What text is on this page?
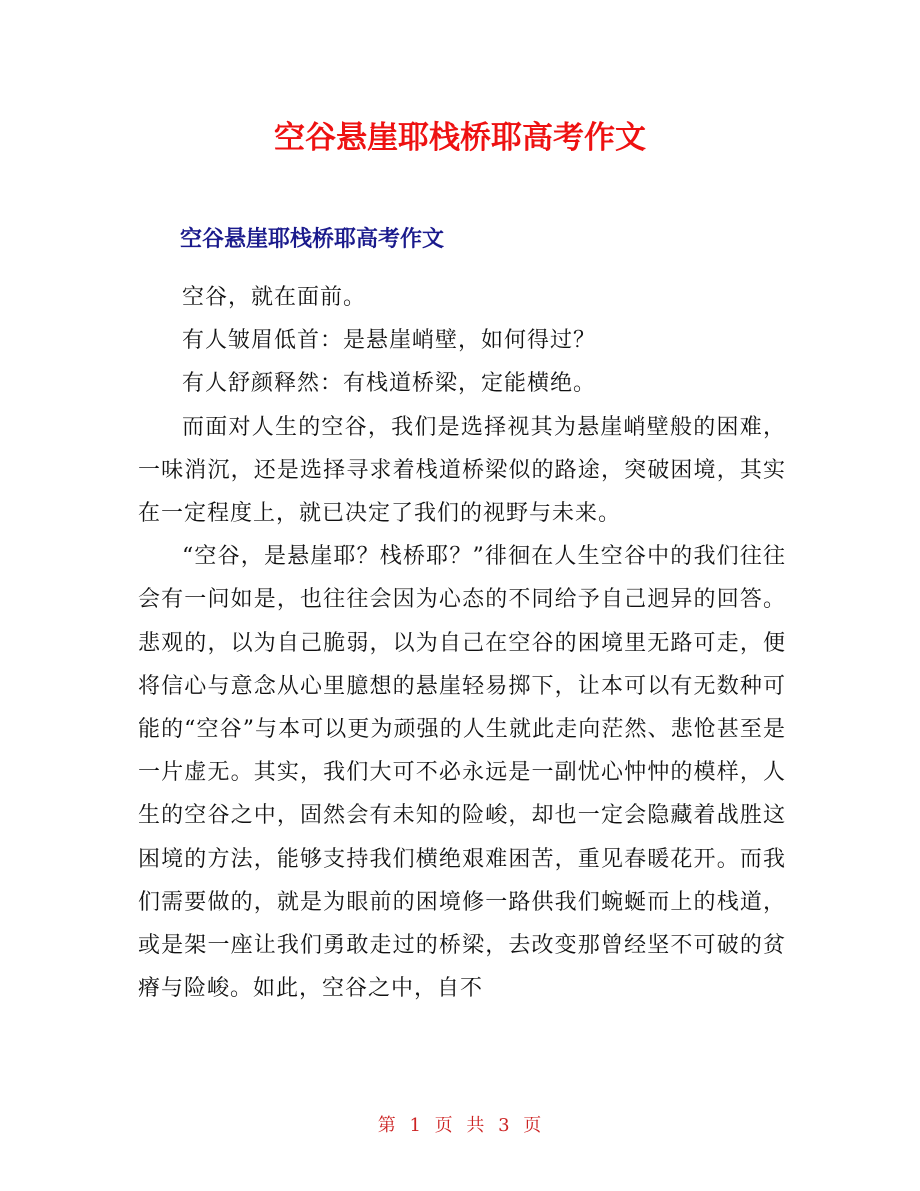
空谷悬崖耶栈桥耶高考作文
空谷悬崖耶栈桥耶高考作文

空谷，就在面前。

有人皱眉低首：是悬崖峭壁，如何得过？

有人舒颜释然：有栈道桥梁，定能横绝。

而面对人生的空谷，我们是选择视其为悬崖峭壁般的困难，一味消沉，还是选择寻求着栈道桥梁似的路途，突破困境，其实在一定程度上，就已决定了我们的视野与未来。

“空谷，是悬崖耶？栈桥耶？”徘徊在人生空谷中的我们往往会有一问如是，也往往会因为心态的不同给予自己迥异的回答。悲观的，以为自己脆弱，以为自己在空谷的困境里无路可走，便将信心与意念从心里臆想的悬崖轻易掷下，让本可以有无数种可能的“空谷”与本可以更为顽强的人生就此走向茫然、悲怆甚至是一片虚无。其实，我们大可不必永远是一副忧心忡忡的模样，人生的空谷之中，固然会有未知的险峻，却也一定会隐藏着战胜这困境的方法，能够支持我们横绝艰难困苦，重见春暖花开。而我们需要做的，就是为眼前的困境修一路供我们蜿蜒而上的栈道，或是架一座让我们勇敢走过的桥梁，去改变那曾经坚不可破的贫瘠与险峻。如此，空谷之中，自不

第 1 页 共 3 页
